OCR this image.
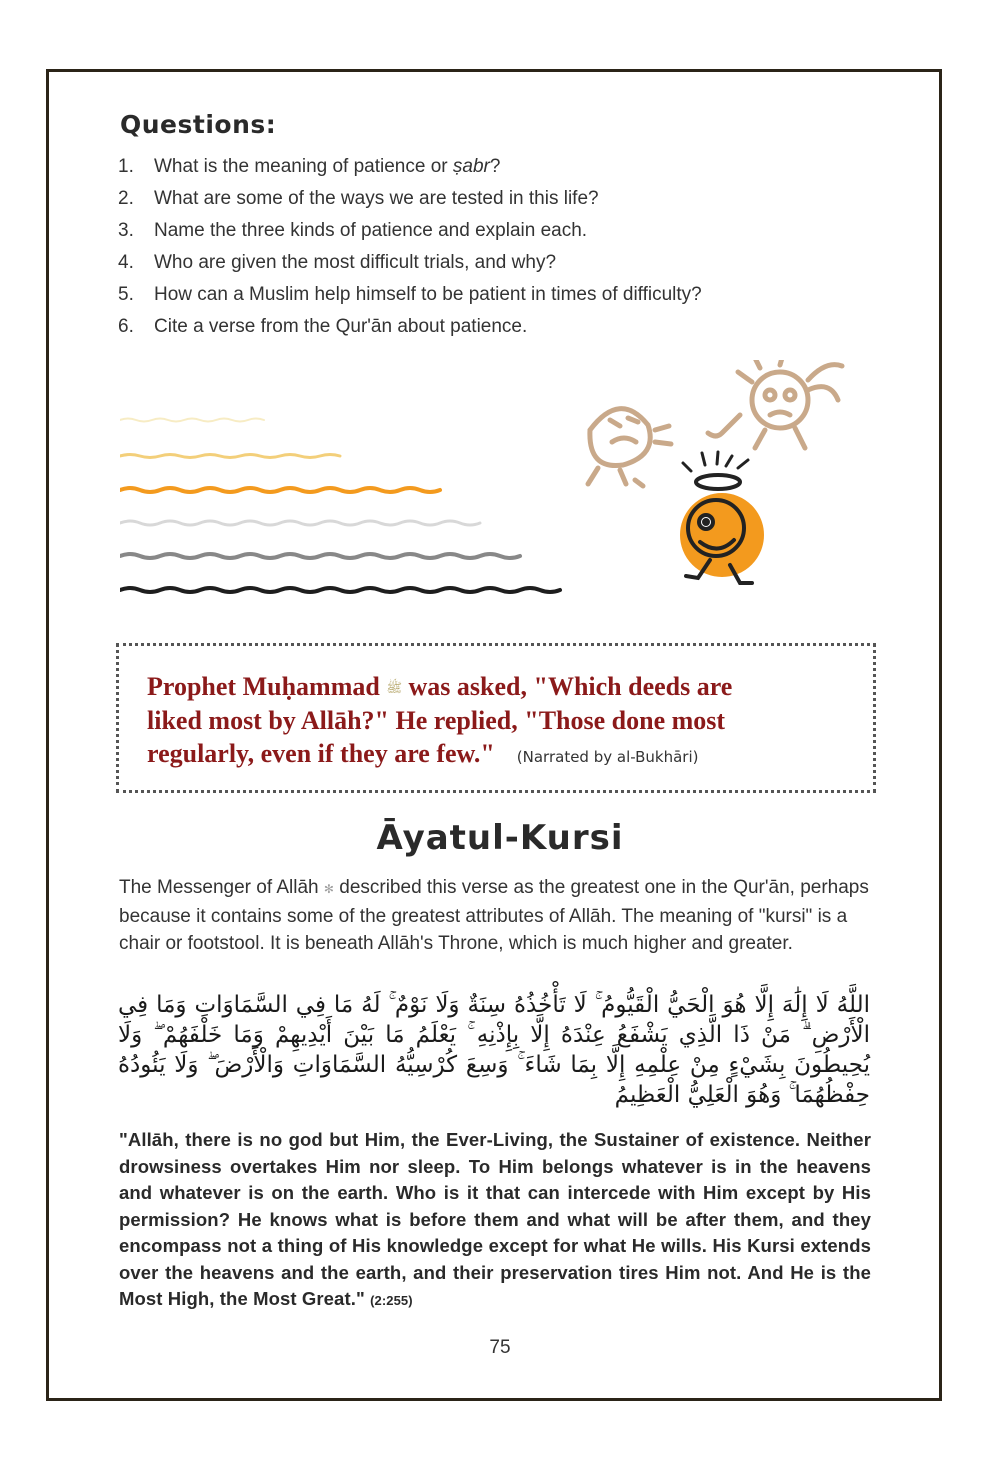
Questions:
1. What is the meaning of patience or ṣabr?
2. What are some of the ways we are tested in this life?
3. Name the three kinds of patience and explain each.
4. Who are given the most difficult trials, and why?
5. How can a Muslim help himself to be patient in times of difficulty?
6. Cite a verse from the Qur'ān about patience.
Prophet Muḥammad ﷺ was asked, "Which deeds are
liked most by Allāh?" He replied, "Those done most
regularly, even if they are few." (Narrated by al-Bukhāri)
Āyatul-Kursi

The Messenger of Allāh ✻ described this verse as the greatest one in the Qur'ān, perhaps because it contains some of the greatest attributes of Allāh. The meaning of "kursi" is a chair or footstool. It is beneath Allāh's Throne, which is much higher and greater.

اللَّهُ لَا إِلَٰهَ إِلَّا هُوَ الْحَيُّ الْقَيُّومُ ۚ لَا تَأْخُذُهُ سِنَةٌ وَلَا نَوْمٌ ۚ لَهُ مَا فِي السَّمَاوَاتِ وَمَا فِي الْأَرْضِ ۗ مَنْ ذَا الَّذِي يَشْفَعُ عِنْدَهُ إِلَّا بِإِذْنِهِ ۚ يَعْلَمُ مَا بَيْنَ أَيْدِيهِمْ وَمَا خَلْفَهُمْ ۖ وَلَا يُحِيطُونَ بِشَيْءٍ مِنْ عِلْمِهِ إِلَّا بِمَا شَاءَ ۚ وَسِعَ كُرْسِيُّهُ السَّمَاوَاتِ وَالْأَرْضَ ۖ وَلَا يَئُودُهُ حِفْظُهُمَا ۚ وَهُوَ الْعَلِيُّ الْعَظِيمُ

"Allāh, there is no god but Him, the Ever-Living, the Sustainer of existence. Neither drowsiness overtakes Him nor sleep. To Him belongs whatever is in the heavens and whatever is on the earth. Who is it that can intercede with Him except by His permission? He knows what is before them and what will be after them, and they encompass not a thing of His knowledge except for what He wills. His Kursi extends over the heavens and the earth, and their preservation tires Him not. And He is the Most High, the Most Great." (2:255)

75
